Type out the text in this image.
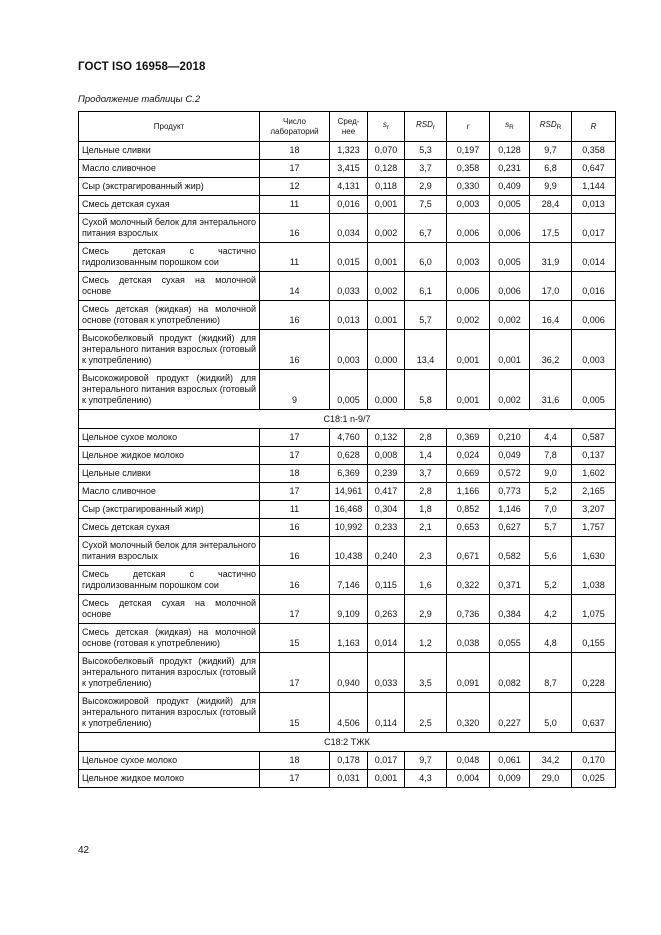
ГОСТ ISO 16958—2018
Продолжение таблицы С.2
Продукт	Число лабораторий	Сред-нее	$s_r$	$RSD_r$	r	$s_R$	$RSD_R$	R
Цельные сливки	18	1,323	0,070	5,3	0,197	0,128	9,7	0,358
Масло сливочное	17	3,415	0,128	3,7	0,358	0,231	6,8	0,647
Сыр (экстрагированный жир)	12	4,131	0,118	2,9	0,330	0,409	9,9	1,144
Смесь детская сухая	11	0,016	0,001	7,5	0,003	0,005	28,4	0,013
Сухой молочный белок для энтерального питания взрослых	16	0,034	0,002	6,7	0,006	0,006	17,5	0,017
Смесь детская с частично гидролизованным порошком сои	11	0,015	0,001	6,0	0,003	0,005	31,9	0,014
Смесь детская сухая на молочной основе	14	0,033	0,002	6,1	0,006	0,006	17,0	0,016
Смесь детская (жидкая) на молочной основе (готовая к употреблению)	16	0,013	0,001	5,7	0,002	0,002	16,4	0,006
Высокобелковый продукт (жидкий) для энтерального питания взрослых (готовый к употреблению)	16	0,003	0,000	13,4	0,001	0,001	36,2	0,003
Высокожировой продукт (жидкий) для энтерального питания взрослых (готовый к употреблению)	9	0,005	0,000	5,8	0,001	0,002	31,6	0,005
С18:1 n-9/7								
Цельное сухое молоко	17	4,760	0,132	2,8	0,369	0,210	4,4	0,587
Цельное жидкое молоко	17	0,628	0,008	1,4	0,024	0,049	7,8	0,137
Цельные сливки	18	6,369	0,239	3,7	0,669	0,572	9,0	1,602
Масло сливочное	17	14,961	0,417	2,8	1,166	0,773	5,2	2,165
Сыр (экстрагированный жир)	11	16,468	0,304	1,8	0,852	1,146	7,0	3,207
Смесь детская сухая	16	10,992	0,233	2,1	0,653	0,627	5,7	1,757
Сухой молочный белок для энтерального питания взрослых	16	10,438	0,240	2,3	0,671	0,582	5,6	1,630
Смесь детская с частично гидролизованным порошком сои	16	7,146	0,115	1,6	0,322	0,371	5,2	1,038
Смесь детская сухая на молочной основе	17	9,109	0,263	2,9	0,736	0,384	4,2	1,075
Смесь детская (жидкая) на молочной основе (готовая к употреблению)	15	1,163	0,014	1,2	0,038	0,055	4,8	0,155
Высокобелковый продукт (жидкий) для энтерального питания взрослых (готовый к употреблению)	17	0,940	0,033	3,5	0,091	0,082	8,7	0,228
Высокожировой продукт (жидкий) для энтерального питания взрослых (готовый к употреблению)	15	4,506	0,114	2,5	0,320	0,227	5,0	0,637
С18:2 ТЖК								
Цельное сухое молоко	18	0,178	0,017	9,7	0,048	0,061	34,2	0,170
Цельное жидкое молоко	17	0,031	0,001	4,3	0,004	0,009	29,0	0,025
42
